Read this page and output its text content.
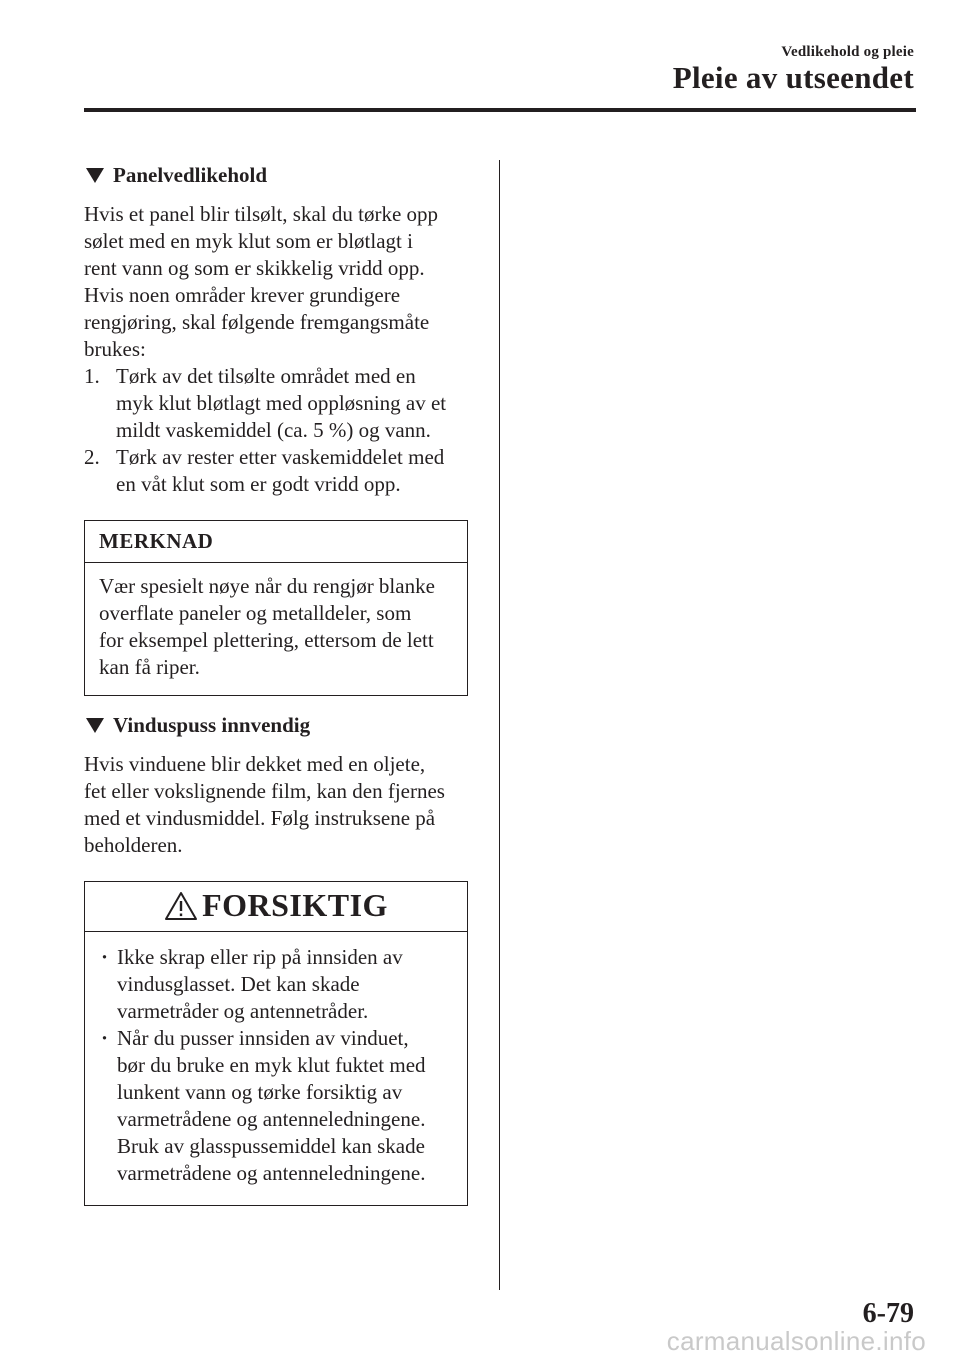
Vedlikehold og pleie
Pleie av utseendet
Panelvedlikehold

Hvis et panel blir tilsølt, skal du tørke opp

sølet med en myk klut som er bløtlagt i

rent vann og som er skikkelig vridd opp.

Hvis noen områder krever grundigere

rengjøring, skal følgende fremgangsmåte

brukes:

1. Tørk av det tilsølte området med en

myk klut bløtlagt med oppløsning av et

mildt vaskemiddel (ca. 5 %) og vann.

2. Tørk av rester etter vaskemiddelet med

en våt klut som er godt vridd opp.

MERKNAD

Vær spesielt nøye når du rengjør blanke

overflate paneler og metalldeler, som

for eksempel plettering, ettersom de lett

kan få riper.

Vinduspuss innvendig

Hvis vinduene blir dekket med en oljete,

fet eller vokslignende film, kan den fjernes

med et vindusmiddel. Følg instruksene på

beholderen.

FORSIKTIG
· Ikke skrap eller rip på innsiden av

vindusglasset. Det kan skade

varmetråder og antennetråder.

· Når du pusser innsiden av vinduet,

bør du bruke en myk klut fuktet med

lunkent vann og tørke forsiktig av

varmetrådene og antenneledningene.

Bruk av glasspussemiddel kan skade

varmetrådene og antenneledningene.

6-79
carmanualsonline.info
